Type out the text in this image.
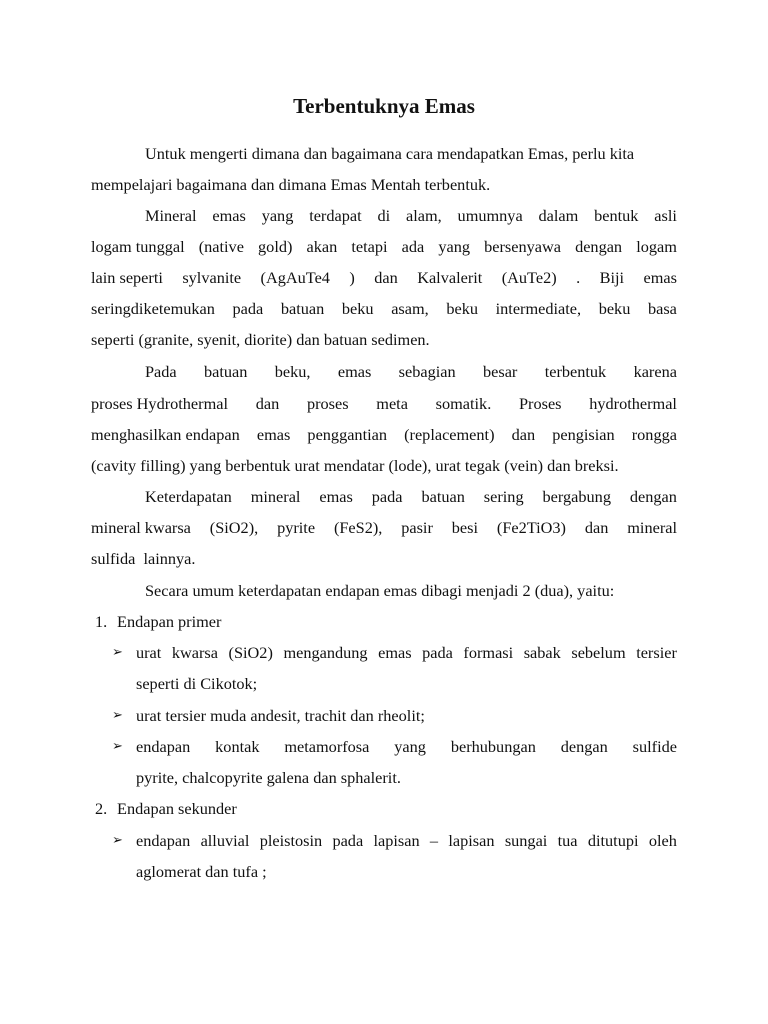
Terbentuknya Emas
Untuk mengerti dimana dan bagaimana cara mendapatkan Emas, perlu kita
mempelajari bagaimana dan dimana Emas Mentah terbentuk.
Mineral emas yang terdapat di alam, umumnya dalam bentuk asli
logam tunggal (native gold) akan tetapi ada yang bersenyawa dengan logam
lain seperti sylvanite (AgAuTe4 ) dan Kalvalerit (AuTe2) . Biji emas
seringdiketemukan pada batuan beku asam, beku intermediate, beku basa
seperti (granite, syenit, diorite) dan batuan sedimen.
Pada batuan beku, emas sebagian besar terbentuk karena
proses Hydrothermal dan proses meta somatik. Proses hydrothermal
menghasilkan endapan emas penggantian (replacement) dan pengisian rongga
(cavity filling) yang berbentuk urat mendatar (lode), urat tegak (vein) dan breksi.
Keterdapatan mineral emas pada batuan sering bergabung dengan
mineral kwarsa (SiO2), pyrite (FeS2), pasir besi (Fe2TiO3) dan mineral
sulfida  lainnya.
Secara umum keterdapatan endapan emas dibagi menjadi 2 (dua), yaitu:
1. Endapan primer
➢ urat kwarsa (SiO2) mengandung emas pada formasi sabak sebelum tersier
seperti di Cikotok;
➢ urat tersier muda andesit, trachit dan rheolit;
➢ endapan kontak metamorfosa yang berhubungan dengan sulfide
pyrite, chalcopyrite galena dan sphalerit.
2. Endapan sekunder
➢ endapan alluvial pleistosin pada lapisan – lapisan sungai tua ditutupi oleh
aglomerat dan tufa ;
